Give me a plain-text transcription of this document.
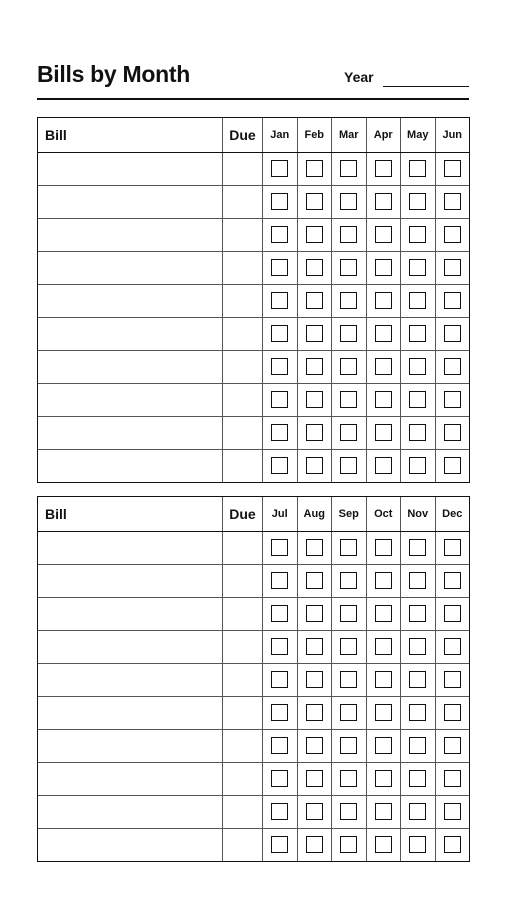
Bills by Month	Year
Bill	Due	Jan	Feb	Mar	Apr	May	Jun

Bill	Due	Jul	Aug	Sep	Oct	Nov	Dec
